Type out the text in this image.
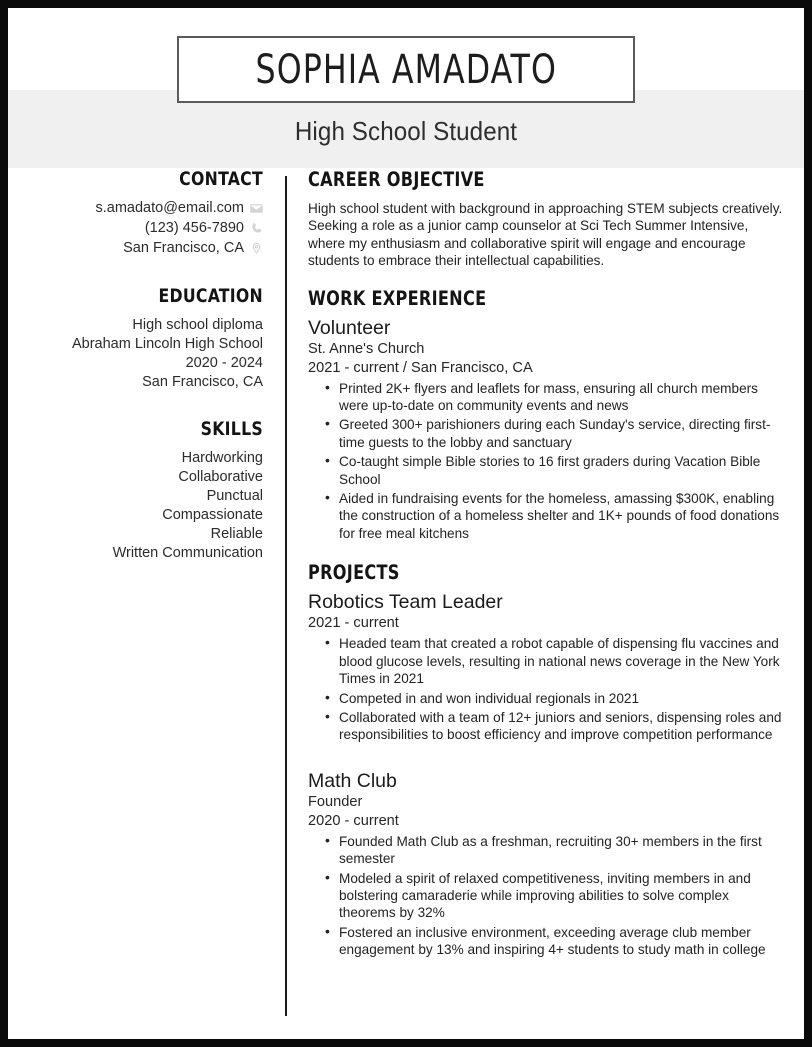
SOPHIA AMADATO
High School Student
CONTACT
s.amadato@email.com
(123) 456-7890
San Francisco, CA
EDUCATION
High school diploma
Abraham Lincoln High School
2020 - 2024
San Francisco, CA
SKILLS
Hardworking
Collaborative
Punctual
Compassionate
Reliable
Written Communication
CAREER OBJECTIVE
High school student with background in approaching STEM subjects creatively. Seeking a role as a junior camp counselor at Sci Tech Summer Intensive, where my enthusiasm and collaborative spirit will engage and encourage students to embrace their intellectual capabilities.
WORK EXPERIENCE
Volunteer
St. Anne's Church
2021 - current / San Francisco, CA
• Printed 2K+ flyers and leaflets for mass, ensuring all church members were up-to-date on community events and news
• Greeted 300+ parishioners during each Sunday's service, directing first-time guests to the lobby and sanctuary
• Co-taught simple Bible stories to 16 first graders during Vacation Bible School
• Aided in fundraising events for the homeless, amassing $300K, enabling the construction of a homeless shelter and 1K+ pounds of food donations for free meal kitchens
PROJECTS
Robotics Team Leader
2021 - current
• Headed team that created a robot capable of dispensing flu vaccines and blood glucose levels, resulting in national news coverage in the New York Times in 2021
• Competed in and won individual regionals in 2021
• Collaborated with a team of 12+ juniors and seniors, dispensing roles and responsibilities to boost efficiency and improve competition performance
Math Club
Founder
2020 - current
• Founded Math Club as a freshman, recruiting 30+ members in the first semester
• Modeled a spirit of relaxed competitiveness, inviting members in and bolstering camaraderie while improving abilities to solve complex theorems by 32%
• Fostered an inclusive environment, exceeding average club member engagement by 13% and inspiring 4+ students to study math in college
